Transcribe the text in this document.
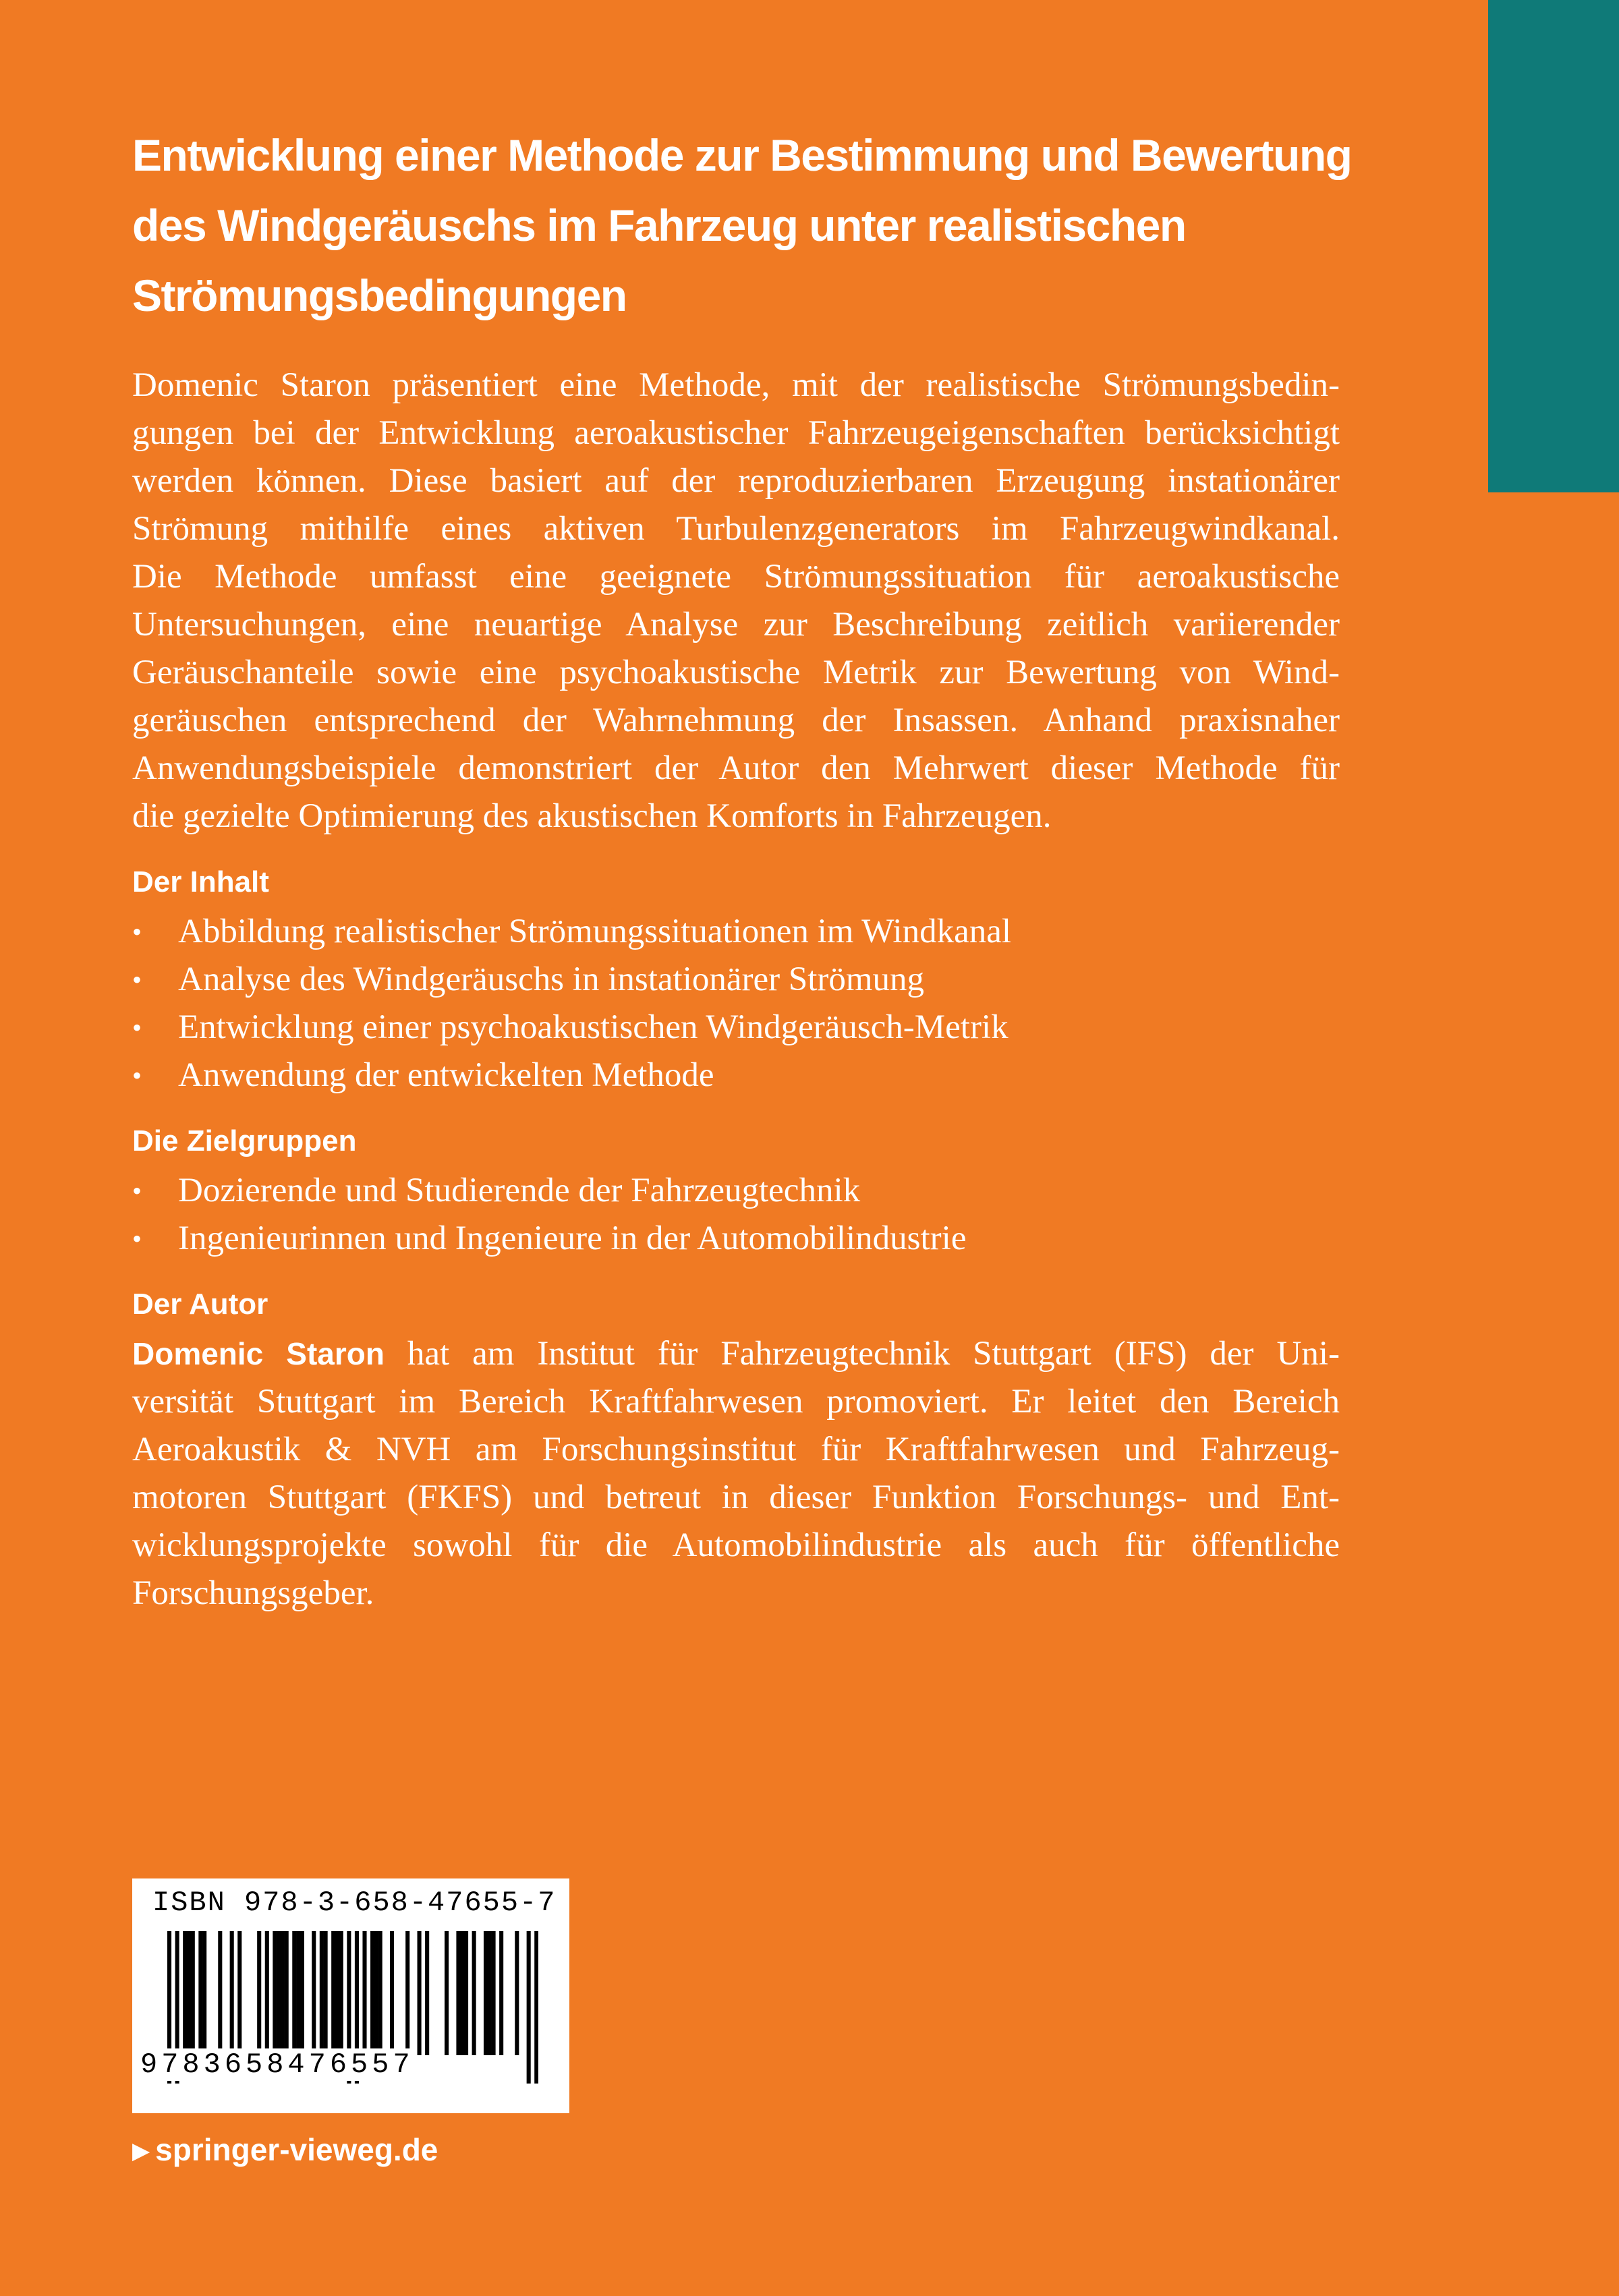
Entwicklung einer Methode zur Bestimmung und Bewertung
des Windgeräuschs im Fahrzeug unter realistischen
Strömungsbedingungen
Domenic Staron präsentiert eine Methode, mit der realistische Strömungsbedin-
gungen bei der Entwicklung aeroakustischer Fahrzeugeigenschaften berücksichtigt
werden können. Diese basiert auf der reproduzierbaren Erzeugung instationärer
Strömung mithilfe eines aktiven Turbulenzgenerators im Fahrzeugwindkanal.
Die Methode umfasst eine geeignete Strömungssituation für aeroakustische
Untersuchungen, eine neuartige Analyse zur Beschreibung zeitlich variierender
Geräuschanteile sowie eine psychoakustische Metrik zur Bewertung von Wind-
geräuschen entsprechend der Wahrnehmung der Insassen. Anhand praxisnaher
Anwendungsbeispiele demonstriert der Autor den Mehrwert dieser Methode für
die gezielte Optimierung des akustischen Komforts in Fahrzeugen.
Der Inhalt
• Abbildung realistischer Strömungssituationen im Windkanal
• Analyse des Windgeräuschs in instationärer Strömung
• Entwicklung einer psychoakustischen Windgeräusch-Metrik
• Anwendung der entwickelten Methode
Die Zielgruppen
• Dozierende und Studierende der Fahrzeugtechnik
• Ingenieurinnen und Ingenieure in der Automobilindustrie
Der Autor
Domenic Staron hat am Institut für Fahrzeugtechnik Stuttgart (IFS) der Uni-
versität Stuttgart im Bereich Kraftfahrwesen promoviert. Er leitet den Bereich
Aeroakustik & NVH am Forschungsinstitut für Kraftfahrwesen und Fahrzeug-
motoren Stuttgart (FKFS) und betreut in dieser Funktion Forschungs- und Ent-
wicklungsprojekte sowohl für die Automobilindustrie als auch für öffentliche
Forschungsgeber.
ISBN 978-3-658-47655-7
9783658476557
▶ springer-vieweg.de
